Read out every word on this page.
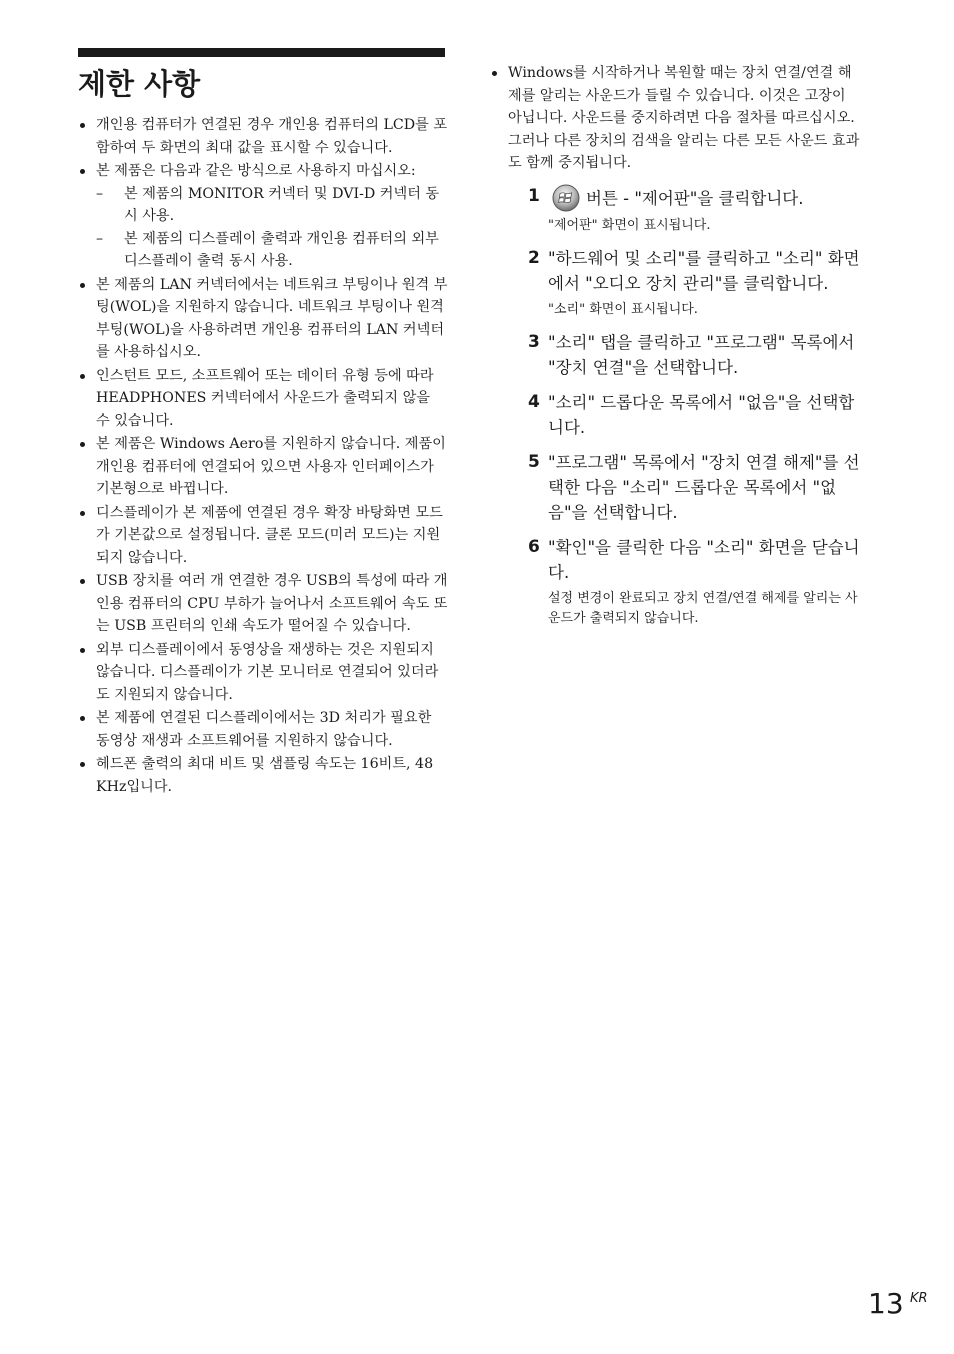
제한 사항
개인용 컴퓨터가 연결된 경우 개인용 컴퓨터의 LCD를 포함하여 두 화면의 최대 값을 표시할 수 있습니다.
본 제품은 다음과 같은 방식으로 사용하지 마십시오:
– 본 제품의 MONITOR 커넥터 및 DVI-D 커넥터 동시 사용.
– 본 제품의 디스플레이 출력과 개인용 컴퓨터의 외부 디스플레이 출력 동시 사용.
본 제품의 LAN 커넥터에서는 네트워크 부팅이나 원격 부팅(WOL)을 지원하지 않습니다. 네트워크 부팅이나 원격 부팅(WOL)을 사용하려면 개인용 컴퓨터의 LAN 커넥터를 사용하십시오.
인스턴트 모드, 소프트웨어 또는 데이터 유형 등에 따라 HEADPHONES 커넥터에서 사운드가 출력되지 않을 수 있습니다.
본 제품은 Windows Aero를 지원하지 않습니다. 제품이 개인용 컴퓨터에 연결되어 있으면 사용자 인터페이스가 기본형으로 바뀝니다.
디스플레이가 본 제품에 연결된 경우 확장 바탕화면 모드가 기본값으로 설정됩니다. 클론 모드(미러 모드)는 지원되지 않습니다.
USB 장치를 여러 개 연결한 경우 USB의 특성에 따라 개인용 컴퓨터의 CPU 부하가 늘어나서 소프트웨어 속도 또는 USB 프린터의 인쇄 속도가 떨어질 수 있습니다.
외부 디스플레이에서 동영상을 재생하는 것은 지원되지 않습니다. 디스플레이가 기본 모니터로 연결되어 있더라도 지원되지 않습니다.
본 제품에 연결된 디스플레이에서는 3D 처리가 필요한 동영상 재생과 소프트웨어를 지원하지 않습니다.
헤드폰 출력의 최대 비트 및 샘플링 속도는 16비트, 48 KHz입니다.
Windows를 시작하거나 복원할 때는 장치 연결/연결 해제를 알리는 사운드가 들릴 수 있습니다. 이것은 고장이 아닙니다. 사운드를 중지하려면 다음 절차를 따르십시오. 그러나 다른 장치의 검색을 알리는 다른 모든 사운드 효과도 함께 중지됩니다.
1	버튼 - "제어판"을 클릭합니다.
"제어판" 화면이 표시됩니다.
2 "하드웨어 및 소리"를 클릭하고 "소리" 화면에서 "오디오 장치 관리"를 클릭합니다.
"소리" 화면이 표시됩니다.
3 "소리" 탭을 클릭하고 "프로그램" 목록에서 "장치 연결"을 선택합니다.
4 "소리" 드롭다운 목록에서 "없음"을 선택합니다.
5 "프로그램" 목록에서 "장치 연결 해제"를 선택한 다음 "소리" 드롭다운 목록에서 "없음"을 선택합니다.
6 "확인"을 클릭한 다음 "소리" 화면을 닫습니다.
설정 변경이 완료되고 장치 연결/연결 해제를 알리는 사운드가 출력되지 않습니다.
13 KR
